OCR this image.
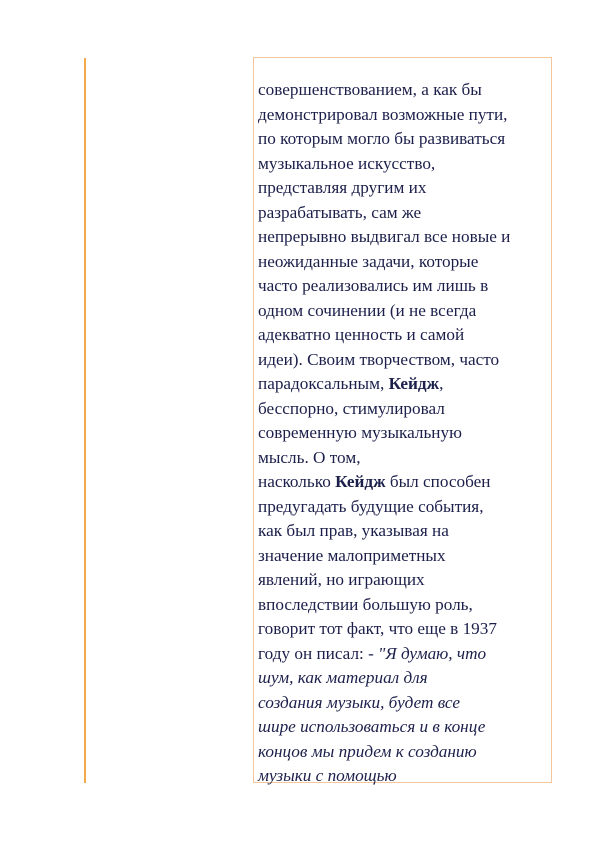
совершенствованием, а как бы
демонстрировал возможные пути,
по которым могло бы развиваться
музыкальное искусство,
представляя другим их
разрабатывать, сам же
непрерывно выдвигал все новые и
неожиданные задачи, которые
часто реализовались им лишь в
одном сочинении (и не всегда
адекватно ценность и самой
идеи). Своим творчеством, часто
парадоксальным, Кейдж,
бесспорно, стимулировал
современную музыкальную
мысль. О том,
насколько Кейдж был способен
предугадать будущие события,
как был прав, указывая на
значение малоприметных
явлений, но играющих
впоследствии большую роль,
говорит тот факт, что еще в 1937
году он писал: - "Я думаю, что
шум, как материал для
создания музыки, будет все
шире использоваться и в конце
концов мы придем к созданию
музыки с помощью
